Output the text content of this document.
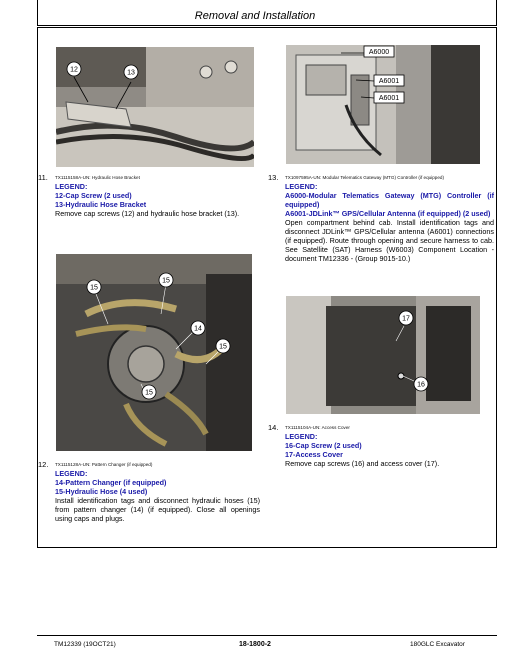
Removal and Installation
12	13
15
15
14
15
15
A6000
A6001
A6001
17
16
11. TX1115158A-UN: Hydraulic Hose Bracket
LEGEND:
12-Cap Screw (2 used)
13-Hydraulic Hose Bracket
Remove cap screws (12) and hydraulic hose bracket (13).
12. TX1115128A-UN: Pattern Changer (if equipped)
LEGEND:
14-Pattern Changer (if equipped)
15-Hydraulic Hose (4 used)
Install identification tags and disconnect hydraulic hoses (15) from pattern changer (14) (if equipped). Close all openings using caps and plugs.
13. TX1097595A-UN: Modular Telematics Gateway (MTG) Controller (if equipped)
LEGEND:
A6000-Modular Telematics Gateway (MTG) Controller (if equipped)
A6001-JDLink™ GPS/Cellular Antenna (if equipped) (2 used)
Open compartment behind cab. Install identification tags and disconnect JDLink™ GPS/Cellular antenna (A6001) connections (if equipped). Route through opening and secure harness to cab. See Satellite (SAT) Harness (W6003) Component Location - document TM12336 - (Group 9015-10.)
14. TX1115104A-UN: Access Cover
LEGEND:
16-Cap Screw (2 used)
17-Access Cover
Remove cap screws (16) and access cover (17).
TM12339 (19OCT21)	18-1800-2	180GLC Excavator
